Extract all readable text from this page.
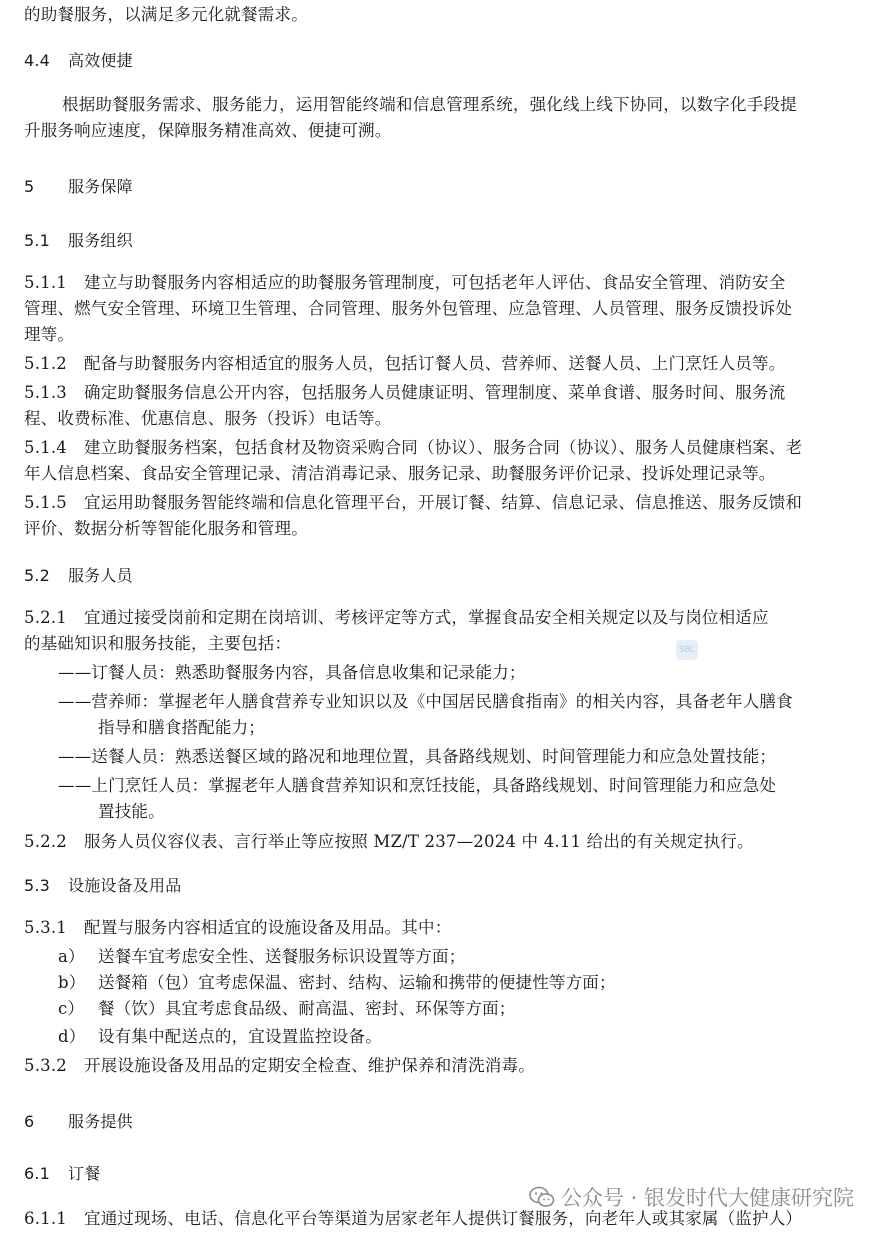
的助餐服务，以满足多元化就餐需求。
4.4 高效便捷
根据助餐服务需求、服务能力，运用智能终端和信息管理系统，强化线上线下协同，以数字化手段提
升服务响应速度，保障服务精准高效、便捷可溯。
5 服务保障
5.1 服务组织
5.1.1 建立与助餐服务内容相适应的助餐服务管理制度，可包括老年人评估、食品安全管理、消防安全
管理、燃气安全管理、环境卫生管理、合同管理、服务外包管理、应急管理、人员管理、服务反馈投诉处
理等。
5.1.2 配备与助餐服务内容相适宜的服务人员，包括订餐人员、营养师、送餐人员、上门烹饪人员等。
5.1.3 确定助餐服务信息公开内容，包括服务人员健康证明、管理制度、菜单食谱、服务时间、服务流
程、收费标准、优惠信息、服务（投诉）电话等。
5.1.4 建立助餐服务档案，包括食材及物资采购合同（协议）、服务合同（协议）、服务人员健康档案、老
年人信息档案、食品安全管理记录、清洁消毒记录、服务记录、助餐服务评价记录、投诉处理记录等。
5.1.5 宜运用助餐服务智能终端和信息化管理平台，开展订餐、结算、信息记录、信息推送、服务反馈和
评价、数据分析等智能化服务和管理。
5.2 服务人员
5.2.1 宜通过接受岗前和定期在岗培训、考核评定等方式，掌握食品安全相关规定以及与岗位相适应
的基础知识和服务技能，主要包括：
——订餐人员：熟悉助餐服务内容，具备信息收集和记录能力；
——营养师：掌握老年人膳食营养专业知识以及《中国居民膳食指南》的相关内容，具备老年人膳食
指导和膳食搭配能力；
——送餐人员：熟悉送餐区域的路况和地理位置，具备路线规划、时间管理能力和应急处置技能；
——上门烹饪人员：掌握老年人膳食营养知识和烹饪技能，具备路线规划、时间管理能力和应急处
置技能。
5.2.2 服务人员仪容仪表、言行举止等应按照 MZ/T 237—2024 中 4.11 给出的有关规定执行。
5.3 设施设备及用品
5.3.1 配置与服务内容相适宜的设施设备及用品。其中：
a） 送餐车宜考虑安全性、送餐服务标识设置等方面；
b） 送餐箱（包）宜考虑保温、密封、结构、运输和携带的便捷性等方面；
c） 餐（饮）具宜考虑食品级、耐高温、密封、环保等方面；
d） 设有集中配送点的，宜设置监控设备。
5.3.2 开展设施设备及用品的定期安全检查、维护保养和清洗消毒。
6 服务提供
6.1 订餐
6.1.1 宜通过现场、电话、信息化平台等渠道为居家老年人提供订餐服务，向老年人或其家属（监护人）
SBC
公众号 · 银发时代大健康研究院
